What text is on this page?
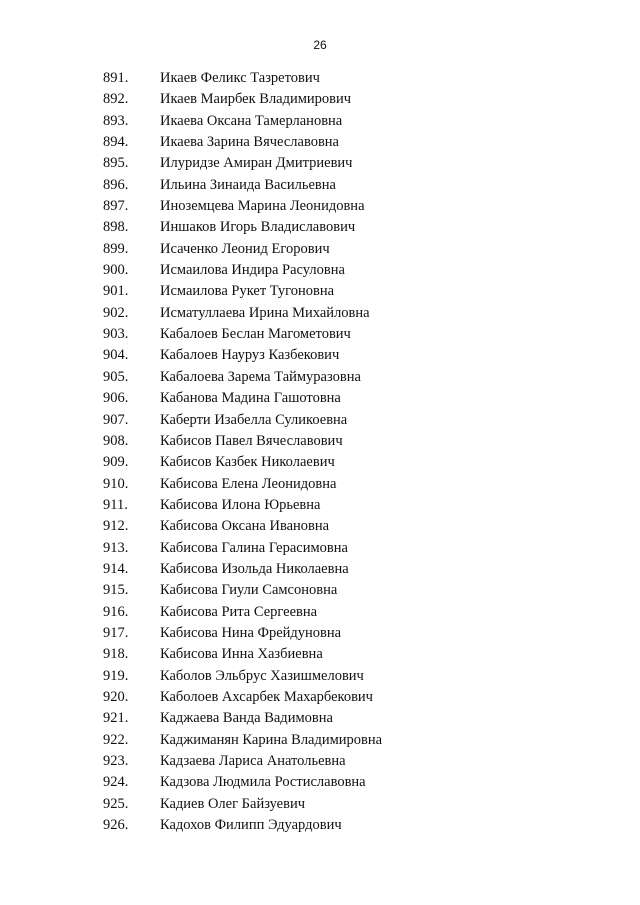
26
891. Икаев Феликс Тазретович
892. Икаев Маирбек Владимирович
893. Икаева Оксана Тамерлановна
894. Икаева Зарина Вячеславовна
895. Илуридзе Амиран Дмитриевич
896. Ильина Зинаида Васильевна
897. Иноземцева Марина Леонидовна
898. Иншаков Игорь Владиславович
899. Исаченко Леонид Егорович
900. Исмаилова Индира Расуловна
901. Исмаилова Рукет Тугоновна
902. Исматуллаева Ирина Михайловна
903. Кабалоев Беслан Магометович
904. Кабалоев Науруз Казбекович
905. Кабалоева Зарема Таймуразовна
906. Кабанова Мадина Гашотовна
907. Каберти Изабелла Суликоевна
908. Кабисов Павел Вячеславович
909. Кабисов Казбек Николаевич
910. Кабисова Елена Леонидовна
911. Кабисова Илона Юрьевна
912. Кабисова Оксана Ивановна
913. Кабисова Галина Герасимовна
914. Кабисова Изольда Николаевна
915. Кабисова Гиули Самсоновна
916. Кабисова Рита Сергеевна
917. Кабисова Нина Фрейдуновна
918. Кабисова Инна Хазбиевна
919. Каболов Эльбрус Хазишмелович
920. Каболоев Ахсарбек Махарбекович
921. Каджаева Ванда Вадимовна
922. Каджиманян Карина Владимировна
923. Кадзаева Лариса Анатольевна
924. Кадзова Людмила Ростиславовна
925. Кадиев Олег Байзуевич
926. Кадохов Филипп Эдуардович
